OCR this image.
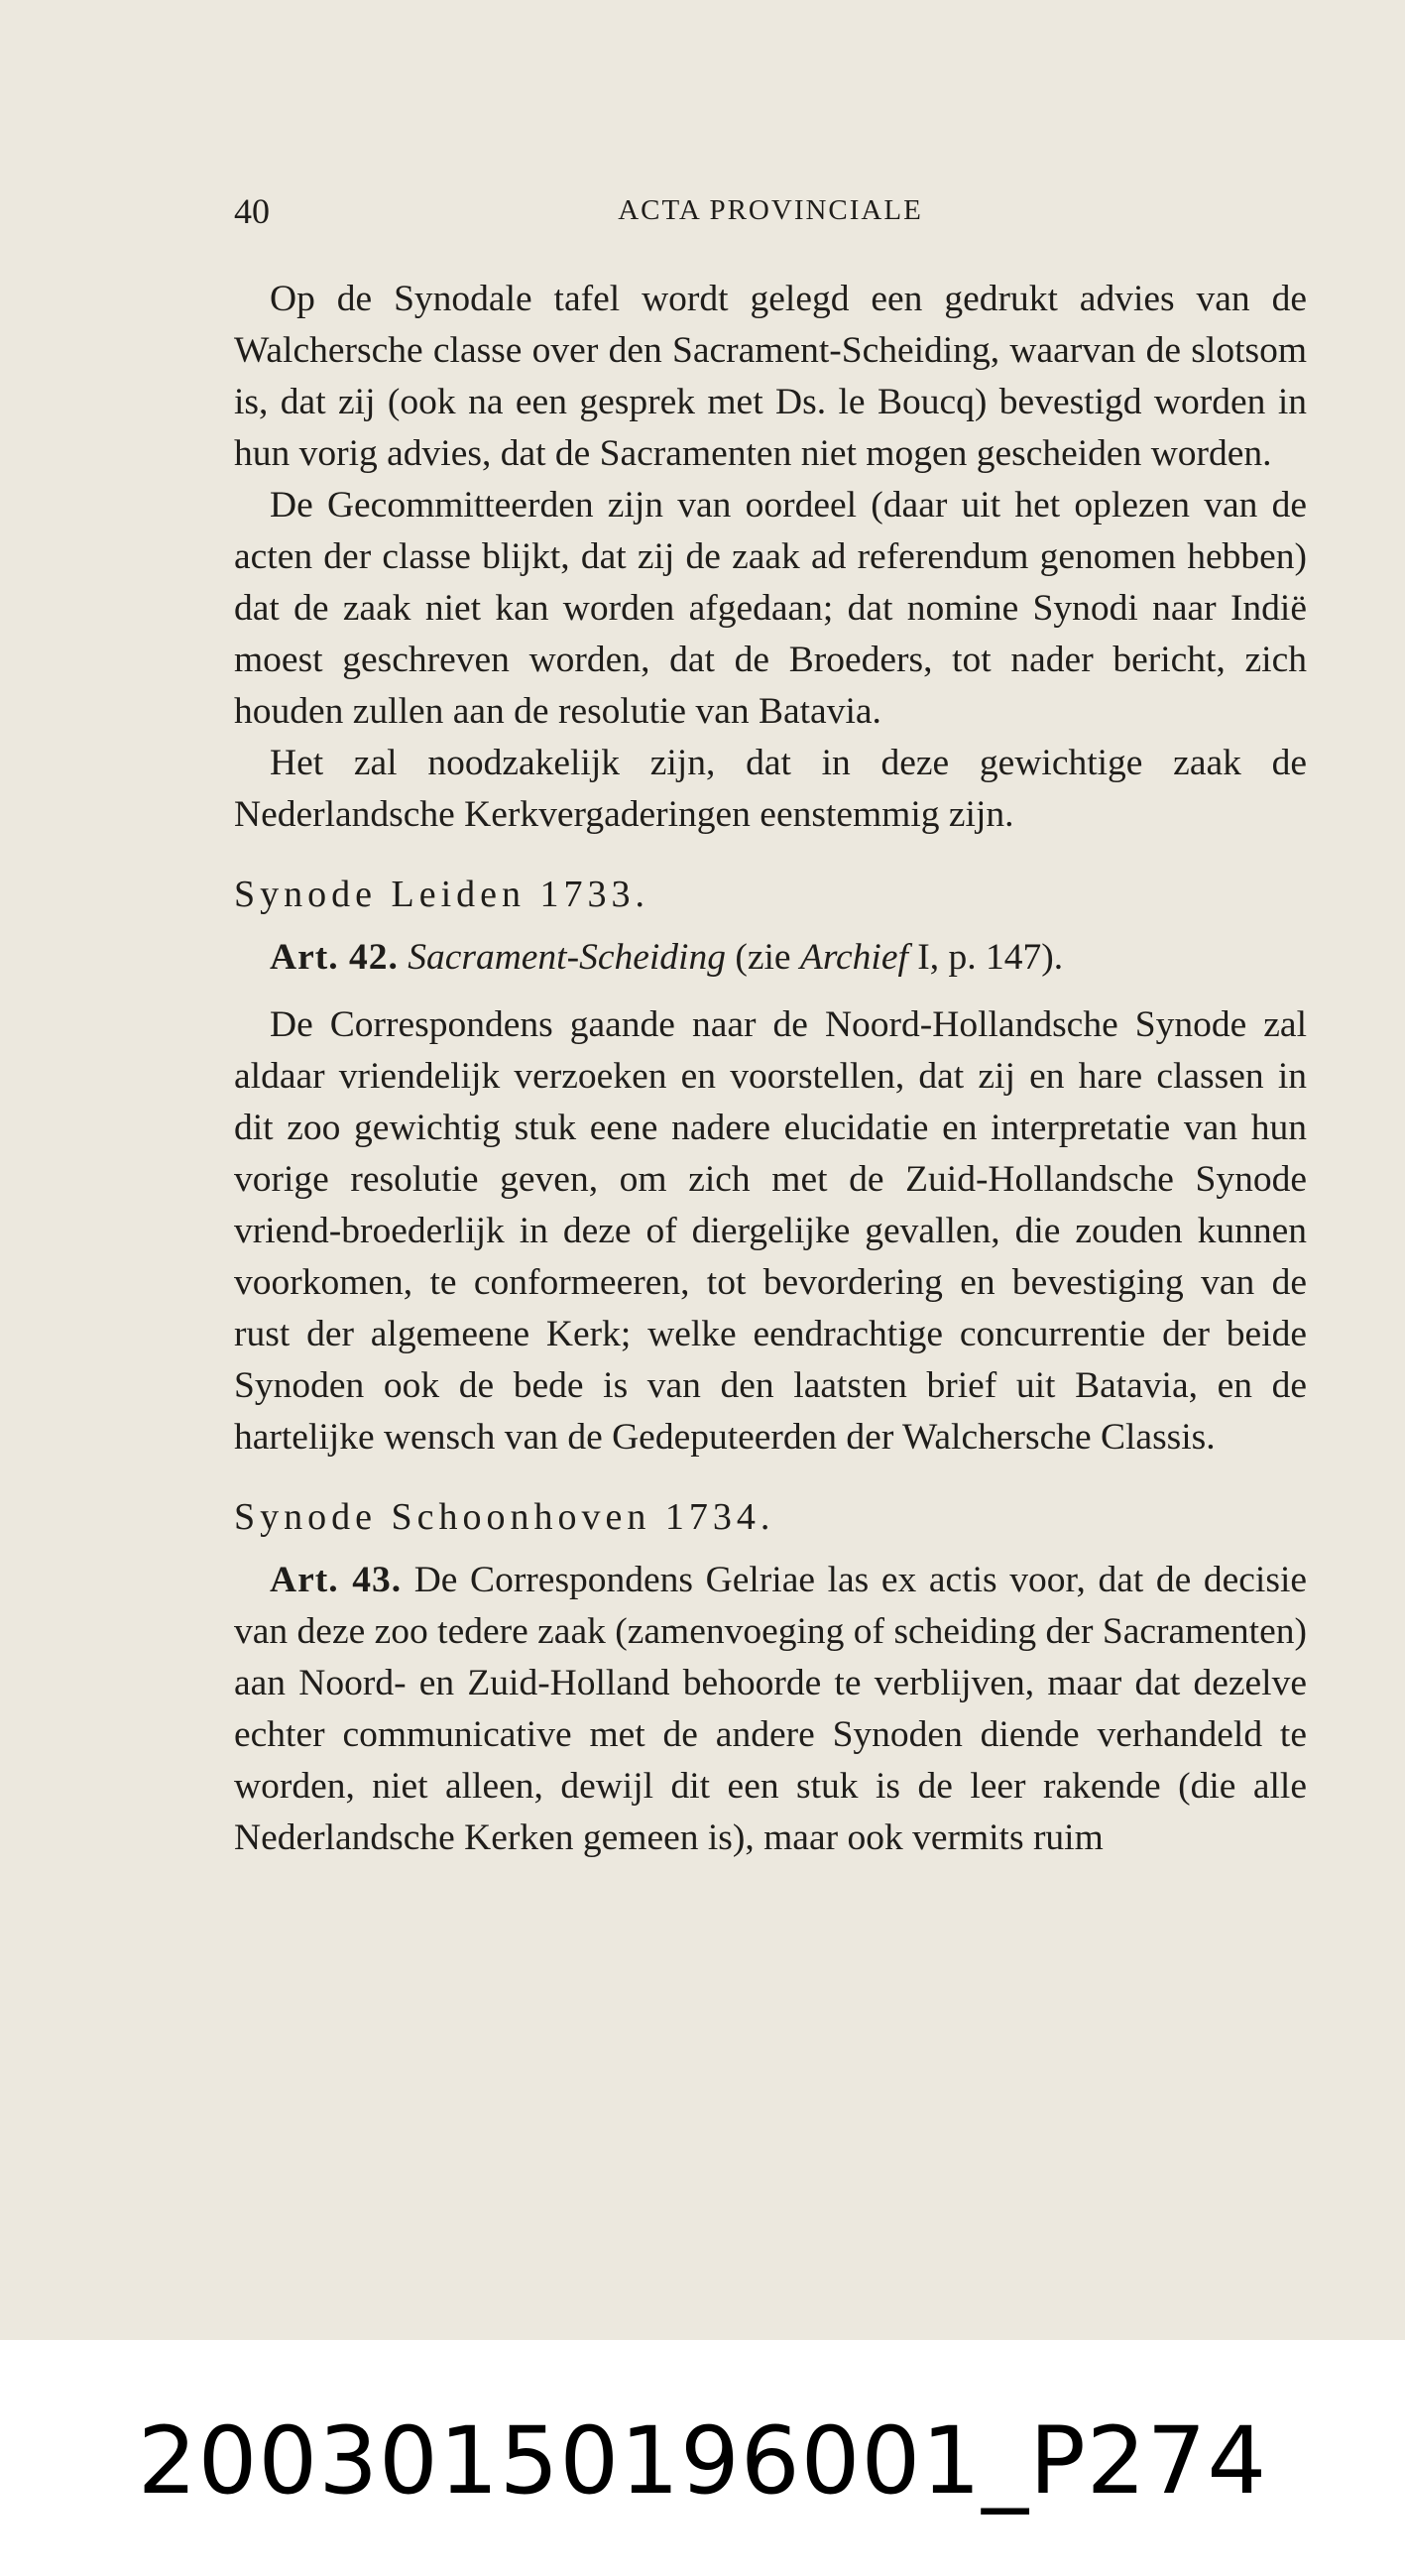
40	ACTA PROVINCIALE

Op de Synodale tafel wordt gelegd een gedrukt advies van de Walchersche classe over den Sacrament-Scheiding, waarvan de slotsom is, dat zij (ook na een gesprek met Ds. le Boucq) bevestigd worden in hun vorig advies, dat de Sacramenten niet mogen gescheiden worden.

De Gecommitteerden zijn van oordeel (daar uit het oplezen van de acten der classe blijkt, dat zij de zaak ad referendum genomen hebben) dat de zaak niet kan worden afgedaan; dat nomine Synodi naar Indië moest geschreven worden, dat de Broeders, tot nader bericht, zich houden zullen aan de resolutie van Batavia.

Het zal noodzakelijk zijn, dat in deze gewichtige zaak de Nederlandsche Kerkvergaderingen eenstemmig zijn.

Synode Leiden 1733.

Art. 42. Sacrament-Scheiding (zie Archief I, p. 147).

De Correspondens gaande naar de Noord-Hollandsche Synode zal aldaar vriendelijk verzoeken en voorstellen, dat zij en hare classen in dit zoo gewichtig stuk eene nadere elucidatie en interpretatie van hun vorige resolutie geven, om zich met de Zuid-Hollandsche Synode vriend-broederlijk in deze of diergelijke gevallen, die zouden kunnen voorkomen, te conformeeren, tot bevordering en bevestiging van de rust der algemeene Kerk; welke eendrachtige concurrentie der beide Synoden ook de bede is van den laatsten brief uit Batavia, en de hartelijke wensch van de Gedeputeerden der Walchersche Classis.

Synode Schoonhoven 1734.

Art. 43. De Correspondens Gelriae las ex actis voor, dat de decisie van deze zoo tedere zaak (zamenvoeging of scheiding der Sacramenten) aan Noord- en Zuid-Holland behoorde te verblijven, maar dat dezelve echter communicative met de andere Synoden diende verhandeld te worden, niet alleen, dewijl dit een stuk is de leer rakende (die alle Nederlandsche Kerken gemeen is), maar ook vermits ruim

20030150196001_P274
